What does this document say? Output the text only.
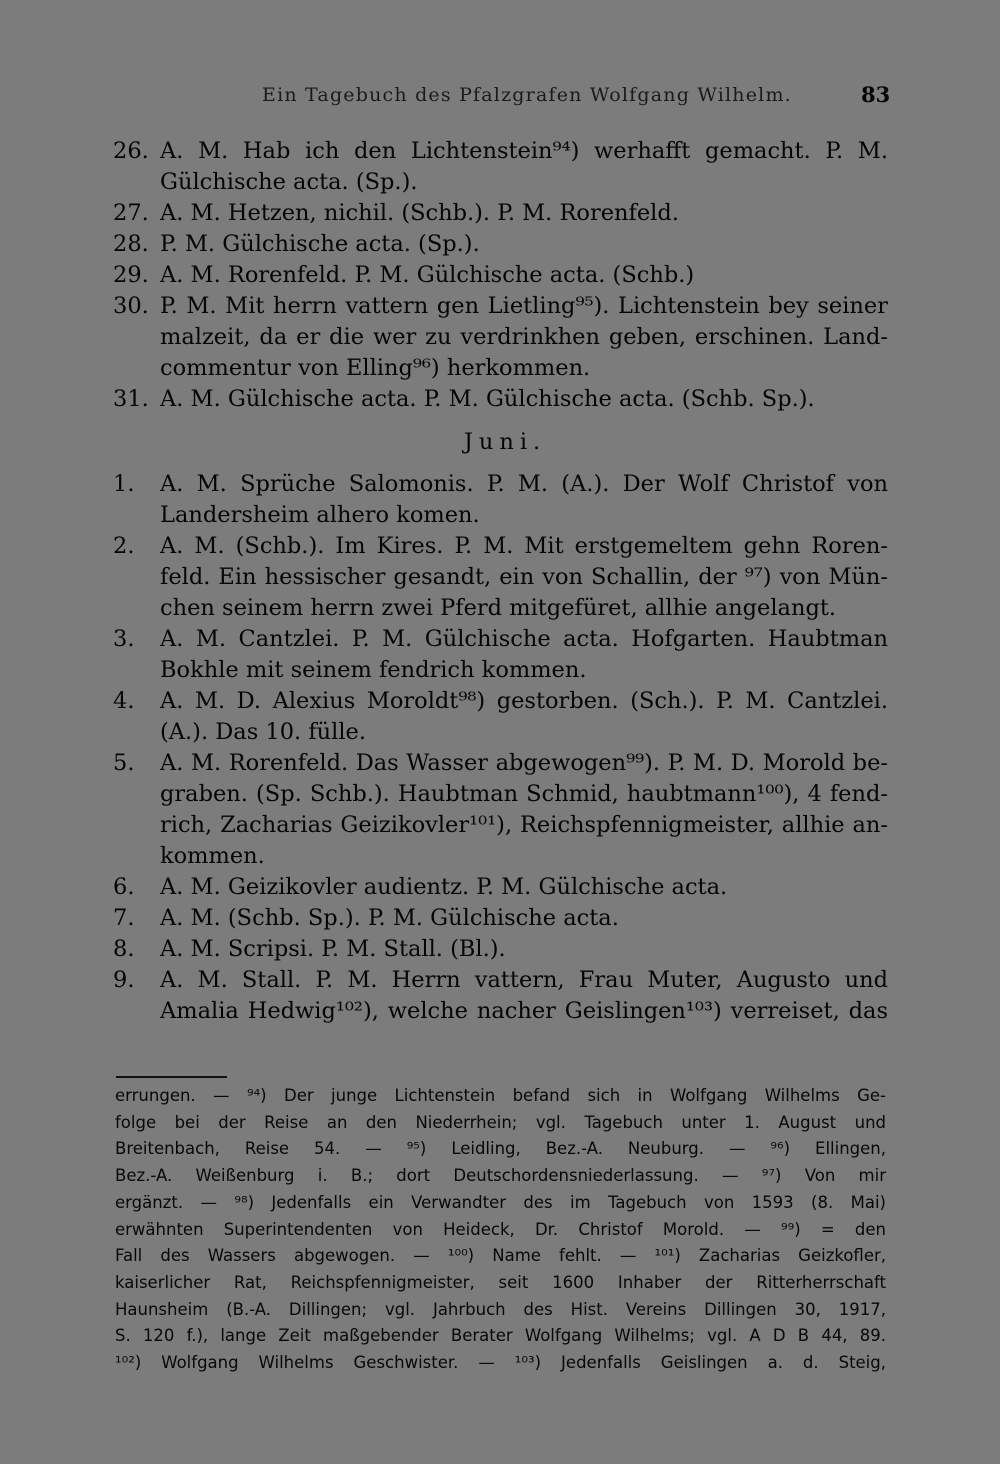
Ein Tagebuch des Pfalzgrafen Wolfgang Wilhelm.	83
26. A. M. Hab ich den Lichtenstein⁹⁴) werhafft gemacht. P. M.
Gülchische acta. (Sp.).
27. A. M. Hetzen, nichil. (Schb.). P. M. Rorenfeld.
28. P. M. Gülchische acta. (Sp.).
29. A. M. Rorenfeld. P. M. Gülchische acta. (Schb.)
30. P. M. Mit herrn vattern gen Lietling⁹⁵). Lichtenstein bey seiner
malzeit, da er die wer zu verdrinkhen geben, erschinen. Land-
commentur von Elling⁹⁶) herkommen.
31. A. M. Gülchische acta. P. M. Gülchische acta. (Schb. Sp.).
Juni.
1.	A. M. Sprüche Salomonis. P. M. (A.). Der Wolf Christof von
Landersheim alhero komen.
2.	A. M. (Schb.). Im Kires. P. M. Mit erstgemeltem gehn Roren-
feld. Ein hessischer gesandt, ein von Schallin, der ⁹⁷) von Mün-
chen seinem herrn zwei Pferd mitgefüret, allhie angelangt.
3.	A. M. Cantzlei. P. M. Gülchische acta. Hofgarten. Haubtman
Bokhle mit seinem fendrich kommen.
4.	A. M. D. Alexius Moroldt⁹⁸) gestorben. (Sch.). P. M. Cantzlei.
(A.). Das 10. fülle.
5.	A. M. Rorenfeld. Das Wasser abgewogen⁹⁹). P. M. D. Morold be-
graben. (Sp. Schb.). Haubtman Schmid, haubtmann¹⁰⁰), 4 fend-
rich, Zacharias Geizikovler¹⁰¹), Reichspfennigmeister, allhie an-
kommen.
6.	A. M. Geizikovler audientz. P. M. Gülchische acta.
7.	A. M. (Schb. Sp.). P. M. Gülchische acta.
8.	A. M. Scripsi. P. M. Stall. (Bl.).
9.	A. M. Stall. P. M. Herrn vattern, Frau Muter, Augusto und
Amalia Hedwig¹⁰²), welche nacher Geislingen¹⁰³) verreiset, das
errungen. — ⁹⁴) Der junge Lichtenstein befand sich in Wolfgang Wilhelms Ge-
folge bei der Reise an den Niederrhein; vgl. Tagebuch unter 1. August und
Breitenbach, Reise 54. — ⁹⁵) Leidling, Bez.-A. Neuburg. — ⁹⁶) Ellingen,
Bez.-A. Weißenburg i. B.; dort Deutschordensniederlassung. — ⁹⁷) Von mir
ergänzt. — ⁹⁸) Jedenfalls ein Verwandter des im Tagebuch von 1593 (8. Mai)
erwähnten Superintendenten von Heideck, Dr. Christof Morold. — ⁹⁹) = den
Fall des Wassers abgewogen. — ¹⁰⁰) Name fehlt. — ¹⁰¹) Zacharias Geizkofler,
kaiserlicher Rat, Reichspfennigmeister, seit 1600 Inhaber der Ritterherrschaft
Haunsheim (B.-A. Dillingen; vgl. Jahrbuch des Hist. Vereins Dillingen 30, 1917,
S. 120 f.), lange Zeit maßgebender Berater Wolfgang Wilhelms; vgl. A D B 44, 89.
¹⁰²) Wolfgang Wilhelms Geschwister. — ¹⁰³) Jedenfalls Geislingen a. d. Steig,
